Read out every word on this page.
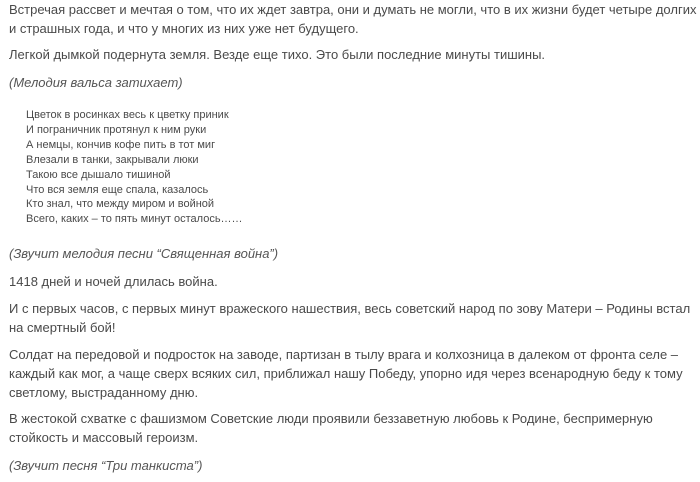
Встречая рассвет и мечтая о том, что их ждет завтра, они и думать не могли, что в их жизни будет четыре долгих и страшных года, и что у многих из них уже нет будущего.

Легкой дымкой подернута земля. Везде еще тихо. Это были последние минуты тишины.

(Мелодия вальса затихает)

Цветок в росинках весь к цветку приник
И пограничник протянул к ним руки
А немцы, кончив кофе пить в тот миг
Влезали в танки, закрывали люки
Такою все дышало тишиной
Что вся земля еще спала, казалось
Кто знал, что между миром и войной
Всего, каких – то пять минут осталось……

(Звучит мелодия песни “Священная война”)

1418 дней и ночей длилась война.

И с первых часов, с первых минут вражеского нашествия, весь советский народ по зову Матери – Родины встал на смертный бой!

Солдат на передовой и подросток на заводе, партизан в тылу врага и колхозница в далеком от фронта селе – каждый как мог, а чаще сверх всяких сил, приближал нашу Победу, упорно идя через всенародную беду к тому светлому, выстраданному дню.

В жестокой схватке с фашизмом Советские люди проявили беззаветную любовь к Родине, беспримерную стойкость и массовый героизм.

(Звучит песня “Три танкиста”)
